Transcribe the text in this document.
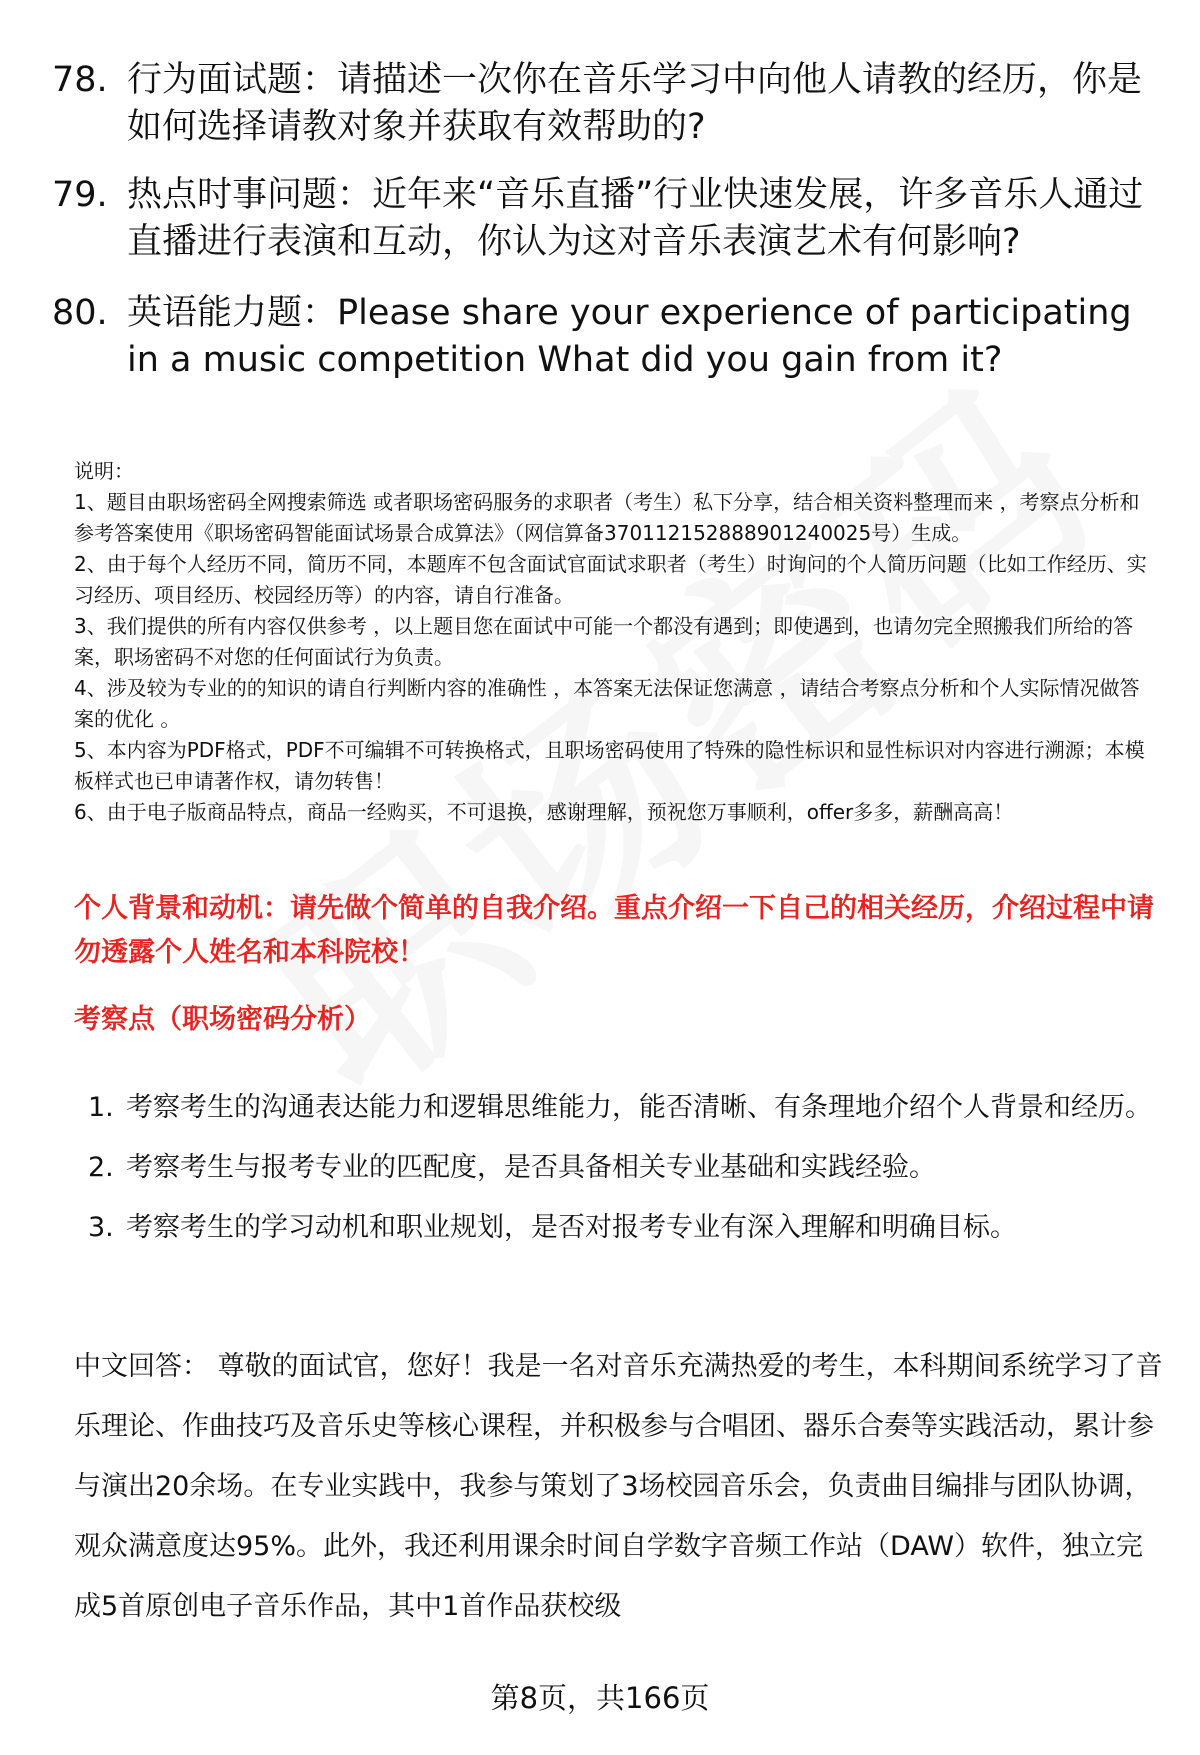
78. 行为面试题：请描述一次你在音乐学习中向他人请教的经历，你是如何选择请教对象并获取有效帮助的?
79. 热点时事问题：近年来“音乐直播”行业快速发展，许多音乐人通过直播进行表演和互动，你认为这对音乐表演艺术有何影响?
80. 英语能力题：Please share your experience of participating in a music competition What did you gain from it?
说明：
1、题目由职场密码全网搜索筛选 或者职场密码服务的求职者（考生）私下分享，结合相关资料整理而来 ，考察点分析和参考答案使用《职场密码智能面试场景合成算法》（网信算备370112152888901240025号）生成。
2、由于每个人经历不同，简历不同，本题库不包含面试官面试求职者（考生）时询问的个人简历问题（比如工作经历、实习经历、项目经历、校园经历等）的内容，请自行准备。
3、我们提供的所有内容仅供参考 ，以上题目您在面试中可能一个都没有遇到；即使遇到，也请勿完全照搬我们所给的答案，职场密码不对您的任何面试行为负责。
4、涉及较为专业的的知识的请自行判断内容的准确性 ，本答案无法保证您满意 ，请结合考察点分析和个人实际情况做答案的优化 。
5、本内容为PDF格式，PDF不可编辑不可转换格式，且职场密码使用了特殊的隐性标识和显性标识对内容进行溯源；本模板样式也已申请著作权，请勿转售！
6、由于电子版商品特点，商品一经购买，不可退换，感谢理解，预祝您万事顺利，offer多多，薪酬高高！
个人背景和动机：请先做个简单的自我介绍。重点介绍一下自己的相关经历，介绍过程中请勿透露个人姓名和本科院校！
考察点（职场密码分析）
1. 考察考生的沟通表达能力和逻辑思维能力，能否清晰、有条理地介绍个人背景和经历。
2. 考察考生与报考专业的匹配度，是否具备相关专业基础和实践经验。
3. 考察考生的学习动机和职业规划，是否对报考专业有深入理解和明确目标。
中文回答： 尊敬的面试官，您好！我是一名对音乐充满热爱的考生，本科期间系统学习了音乐理论、作曲技巧及音乐史等核心课程，并积极参与合唱团、器乐合奏等实践活动，累计参与演出20余场。在专业实践中，我参与策划了3场校园音乐会，负责曲目编排与团队协调，观众满意度达95%。此外，我还利用课余时间自学数字音频工作站（DAW）软件，独立完成5首原创电子音乐作品，其中1首作品获校级
第8页，共166页
